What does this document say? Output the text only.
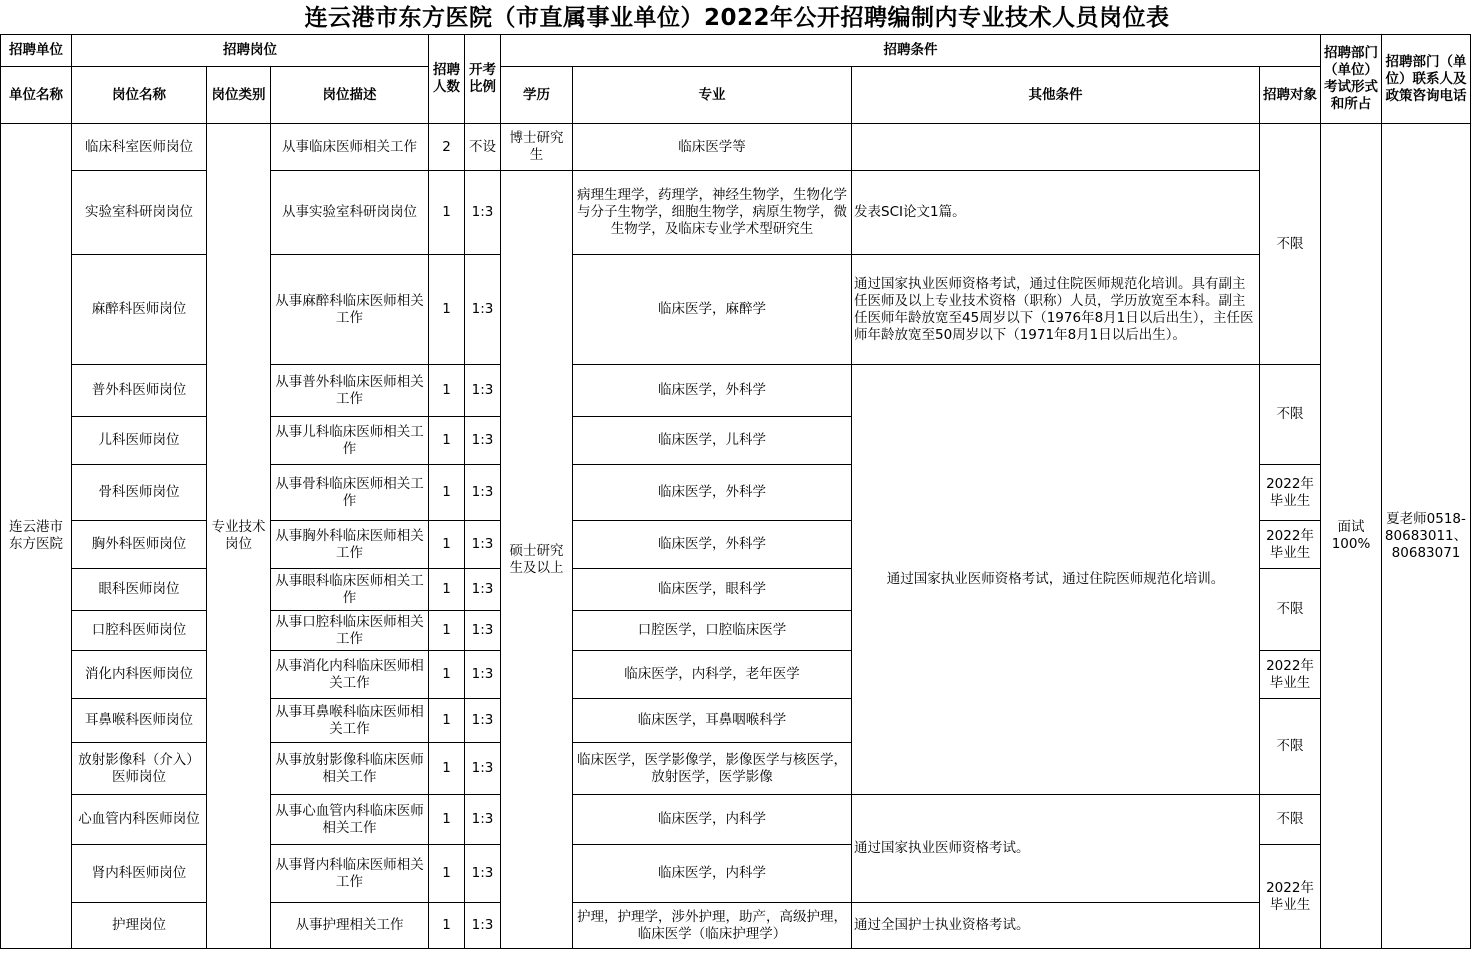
连云港市东方医院（市直属事业单位）2022年公开招聘编制内专业技术人员岗位表
招聘单位	招聘岗位			招聘人数	开考比例	招聘条件				招聘部门（单位）考试形式和所占	招聘部门（单位）联系人及政策咨询电话	
单位名称	岗位名称	岗位类别	岗位描述			学历	专业	其他条件	招聘对象			
连云港市东方医院	临床科室医师岗位	专业技术岗位	从事临床医师相关工作	2	不设	博士研究生	临床医学等		不限	面试100%	夏老师0518-80683011、80683071	
	实验室科研岗岗位		从事实验室科研岗岗位	1	1:3	硕士研究生及以上	病理生理学，药理学，神经生物学，生物化学与分子生物学，细胞生物学，病原生物学，微生物学，及临床专业学术型研究生	发表SCI论文1篇。				
	麻醉科医师岗位		从事麻醉科临床医师相关工作	1	1:3		临床医学，麻醉学	通过国家执业医师资格考试，通过住院医师规范化培训。具有副主任医师及以上专业技术资格（职称）人员，学历放宽至本科。副主任医师年龄放宽至45周岁以下（1976年8月1日以后出生），主任医师年龄放宽至50周岁以下（1971年8月1日以后出生）。				
	普外科医师岗位		从事普外科临床医师相关工作	1	1:3		临床医学，外科学	通过国家执业医师资格考试，通过住院医师规范化培训。	不限			
	儿科医师岗位		从事儿科临床医师相关工作	1	1:3		临床医学，儿科学					
	骨科医师岗位		从事骨科临床医师相关工作	1	1:3		临床医学，外科学		2022年毕业生			
	胸外科医师岗位		从事胸外科临床医师相关工作	1	1:3		临床医学，外科学		2022年毕业生			
	眼科医师岗位		从事眼科临床医师相关工作	1	1:3		临床医学，眼科学		不限			
	口腔科医师岗位		从事口腔科临床医师相关工作	1	1:3		口腔医学，口腔临床医学					
	消化内科医师岗位		从事消化内科临床医师相关工作	1	1:3		临床医学，内科学，老年医学		2022年毕业生			
	耳鼻喉科医师岗位		从事耳鼻喉科临床医师相关工作	1	1:3		临床医学，耳鼻咽喉科学		不限			
	放射影像科（介入）医师岗位		从事放射影像科临床医师相关工作	1	1:3		临床医学，医学影像学，影像医学与核医学，放射医学，医学影像					
	心血管内科医师岗位		从事心血管内科临床医师相关工作	1	1:3		临床医学，内科学	通过国家执业医师资格考试。	不限			
	肾内科医师岗位		从事肾内科临床医师相关工作	1	1:3		临床医学，内科学		2022年毕业生			
	护理岗位		从事护理相关工作	1	1:3		护理，护理学，涉外护理，助产，高级护理，临床医学（临床护理学）	通过全国护士执业资格考试。				
